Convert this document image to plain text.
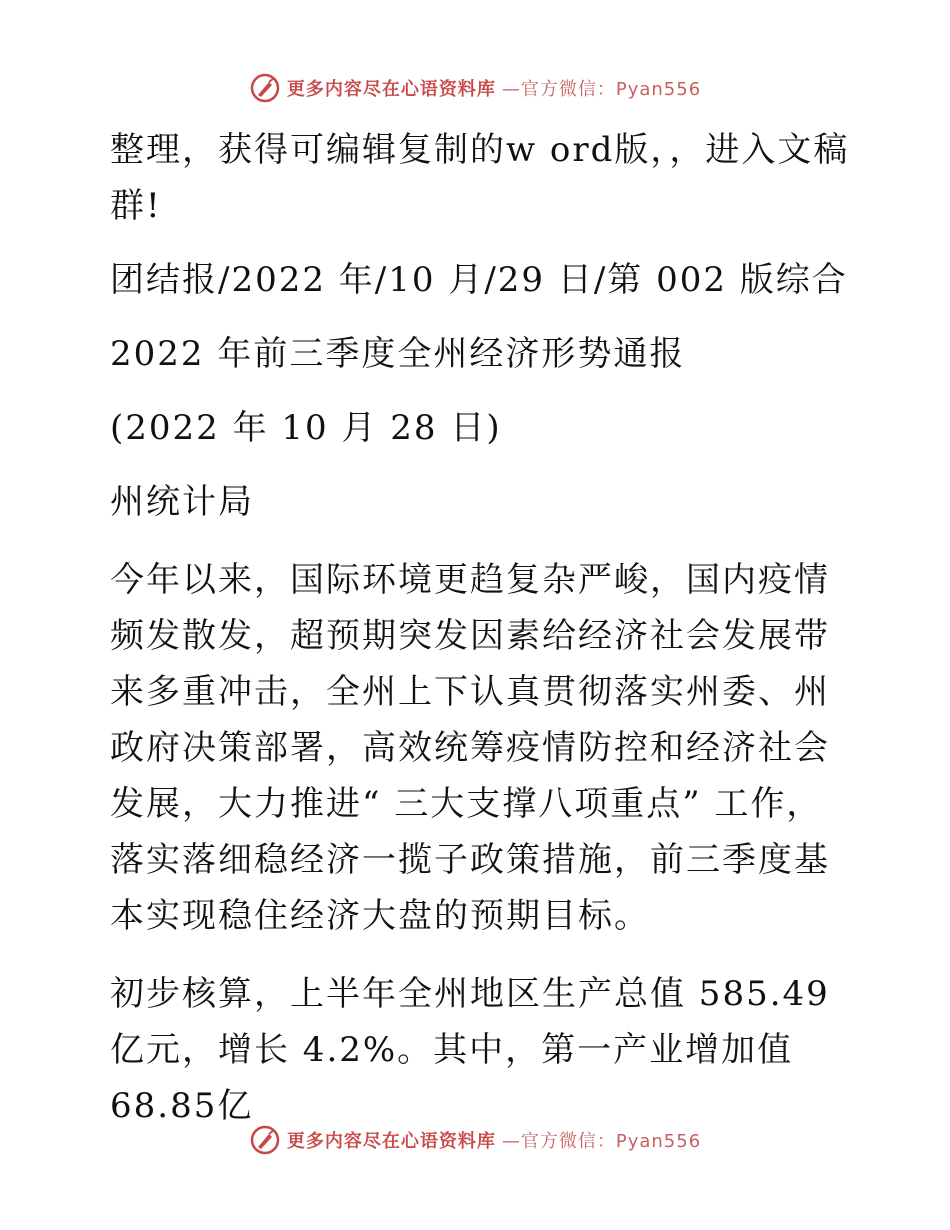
更多内容尽在心语资料库 —官方微信：Pyan556

整理，获得可编辑复制的w ord版，，进入文稿群!

团结报/2022 年/10 月/29 日/第 002 版综合

2022 年前三季度全州经济形势通报

(2022 年 10 月 28 日)

州统计局

今年以来，国际环境更趋复杂严峻，国内疫情频发散发，超预期突发因素给经济社会发展带来多重冲击，全州上下认真贯彻落实州委、州政府决策部署，高效统筹疫情防控和经济社会发展，大力推进“ 三大支撑八项重点” 工作，落实落细稳经济一揽子政策措施，前三季度基本实现稳住经济大盘的预期目标。

初步核算，上半年全州地区生产总值 585.49 亿元，增长 4.2%。其中，第一产业增加值 68.85亿

更多内容尽在心语资料库 —官方微信：Pyan556
